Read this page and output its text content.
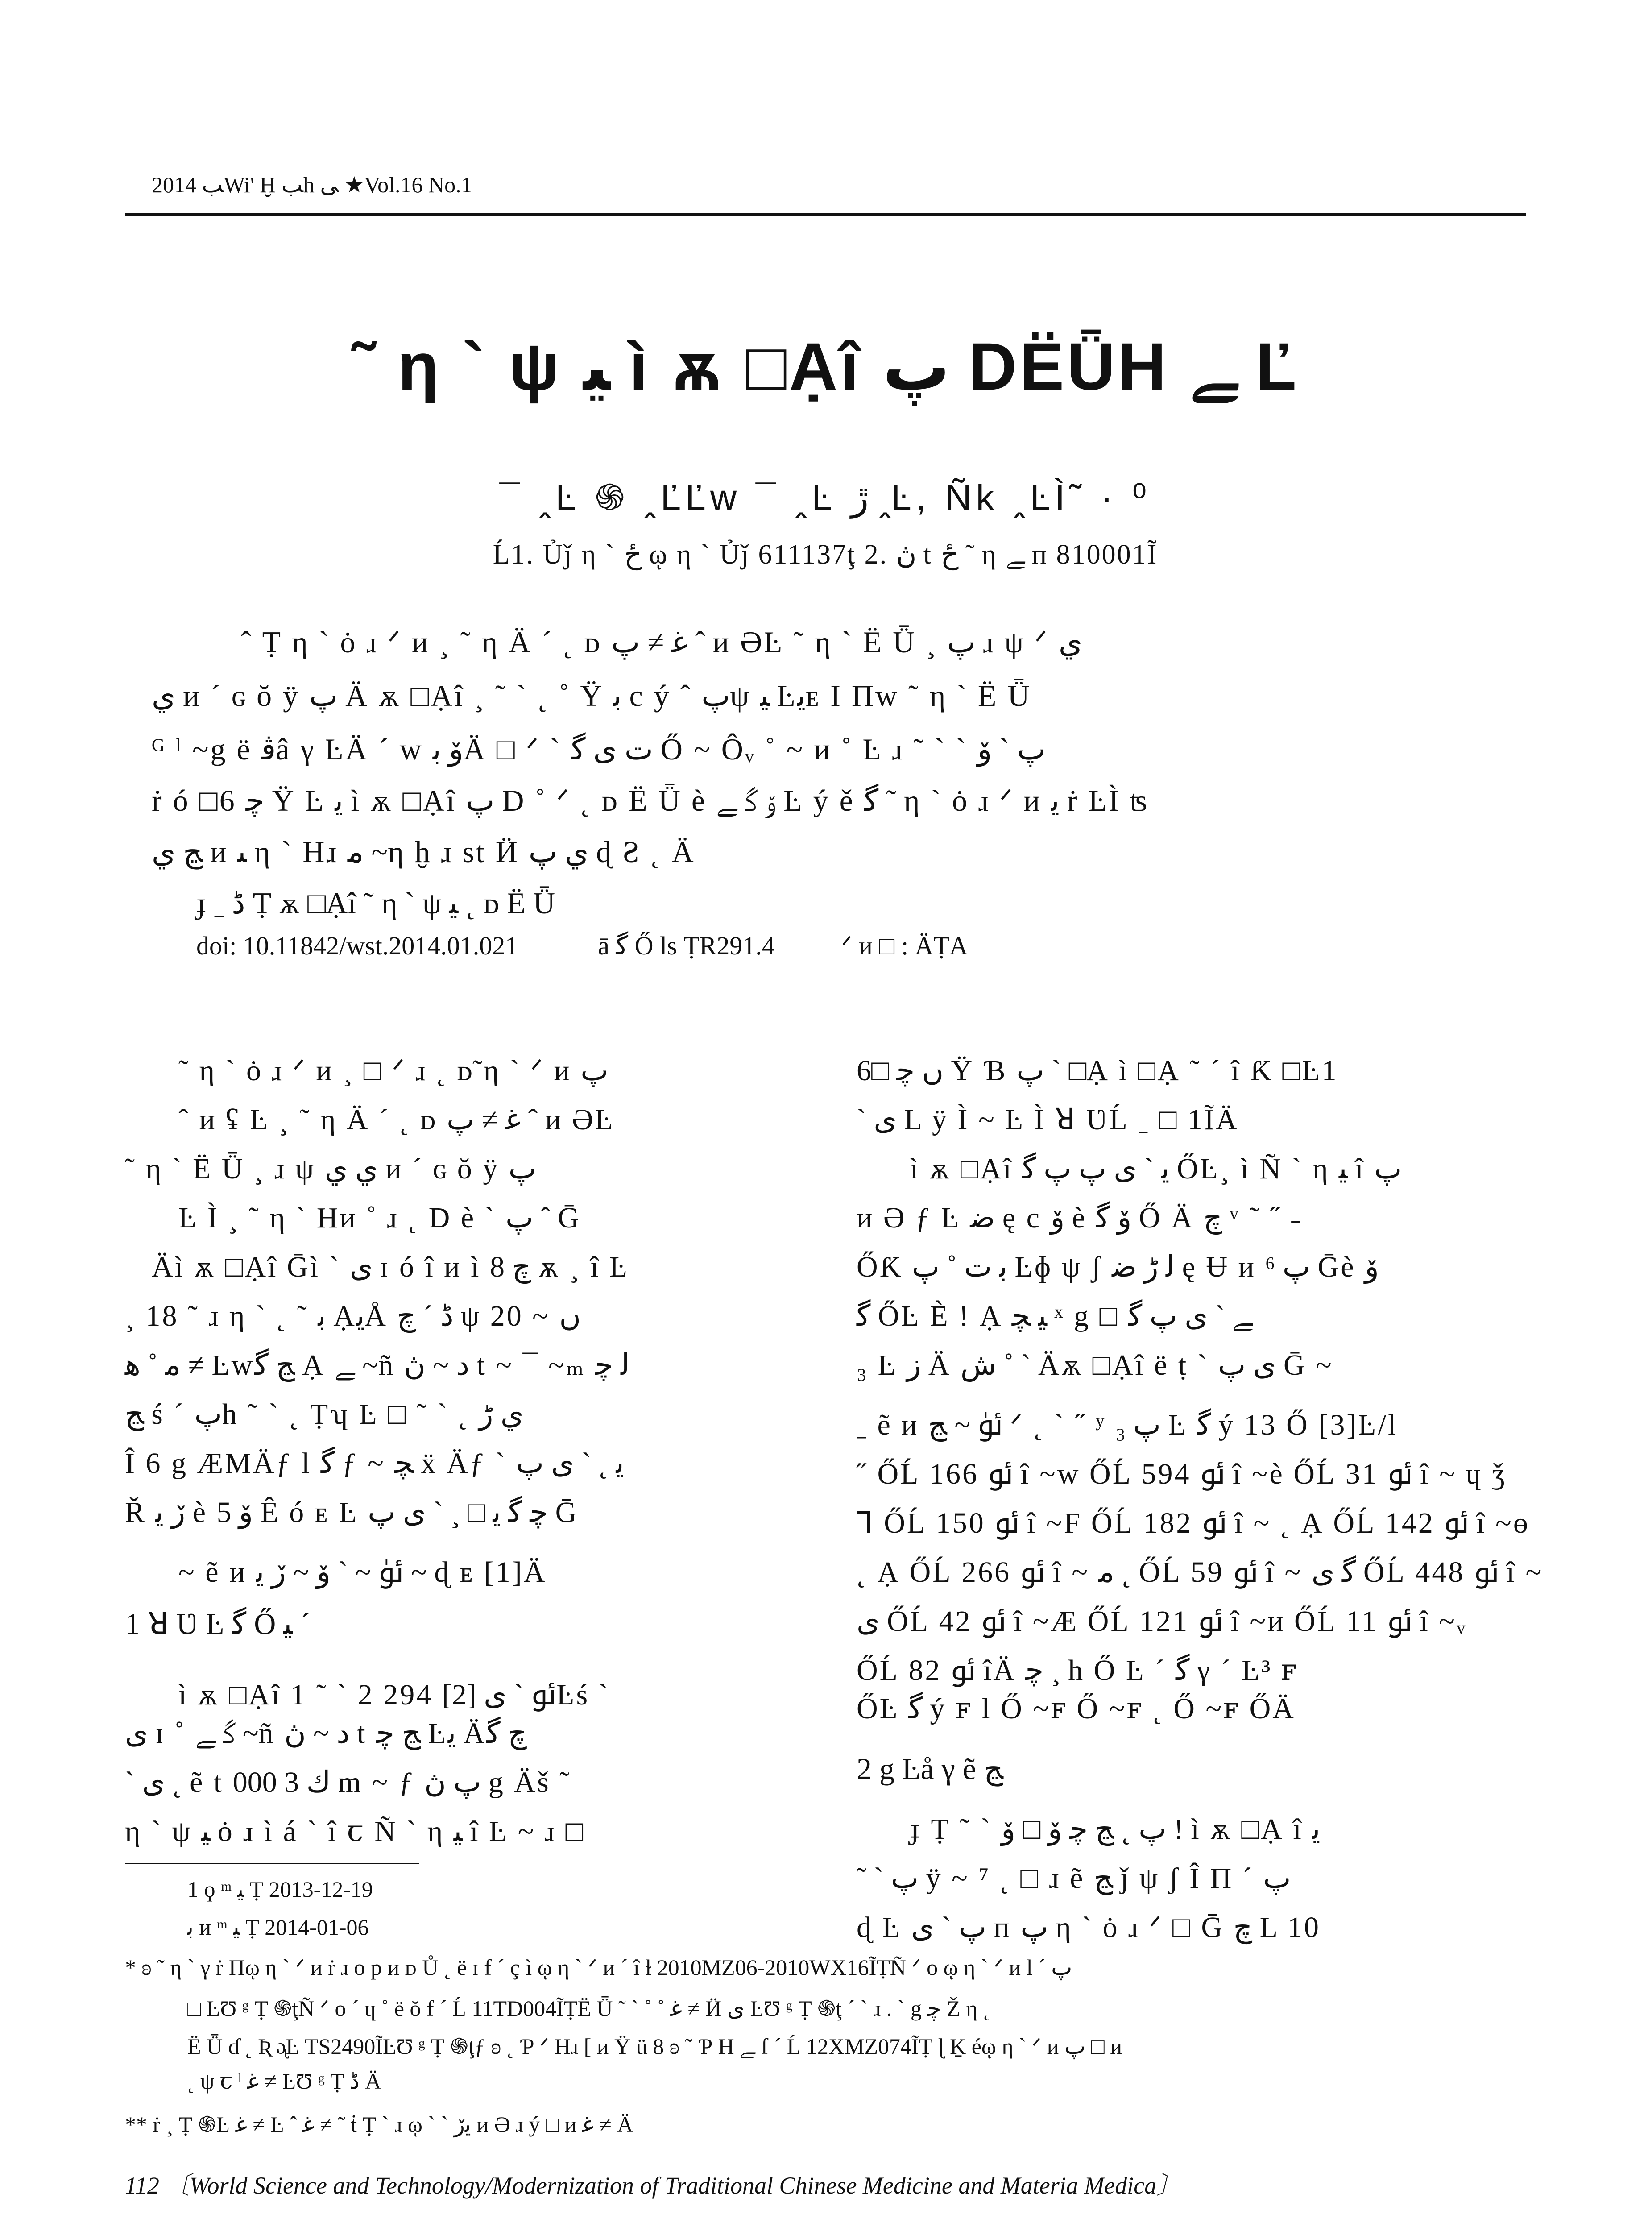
2014 ﺐWi' Ḫ ﺐh ﯽ ★Vol.16 No.1
˜ η ` ψ ﯿ ì ѫ □Ạî ﭖ DËǕH ﮯ Ľ
¯ ꞈĿ ֍ ꞈĽĽw ¯ ꞈĿ ڙ ꞈĿ, Ñk ꞈĿÌ˜ · ⁰
Ĺ1. Ủǰ η ` ځ ῳ η ` Ủǰ 611137ţ 2. ڽ t ځ ˜ η ﮯ п 810001Ĩ
ˆ Ṭ η ` ȯ ɹ ᐟ ᴎ ¸ ˜ η Ä ˊ ˛ ᴅ ﻏ ≠ ﭖ ˆ ᴎ ƏĿ ˜ η ` Ë Ǖ ¸ ﭖ ɹ ψ ᐟ ي
ي ᴎ ´ ɢ ŏ ÿ ﭖ Ä ѫ □Ạî ¸ ˜ ` ˛ ˚ Ÿ ﺑ c ý ˆ ﭖψ ﯿ Ŀﻳᴇ Ι Пw ˜ η ` Ë Ǖ
ᴳ ˡ ~g ë ﭬâ γ ĿÄ ´ w ﯙ ﺑÄ □ ᐟ ` ت ﯼ ﮔ Ő ~ Ôᵥ ˚ ~ ᴎ ˚ Ŀ ɹ ˜ ` ` ﭖ ` ﯙ
ṙ ó □6 ﭼ Ÿ Ŀ ﯾ ì ѫ □Ạî ﭖ D ˚ ᐟ ˛ ᴅ Ë Ǖ è ﯙ ﮔ ﮯ Ŀ ý ě ﮔ ˜ η ` ȯ ɹ ᐟ ᴎ ﻳ ṙ ĿÌ ʦ
ﭷ ي ᴎ ﯩ η ` Hɹ ﻣ ~η ḫ ɹ st Ӥ ي ﭖ ɖ Ƨ ˛ Ä
ɟ ˍ ﮈ Ṭ ѫ □Ạî ˜ η ` ψ ﯿ ˛ ᴅ Ë Ǖ
doi: 10.11842/wst.2014.01.021	ā ﮔ Ő ls ṬR291.4	ᐟ ᴎ □ : ÄṬA
˜ η ` ȯ ɹ ᐟ ᴎ ¸ □ ᐟ ɹ ˛ ᴅ̃ η ` ᐟ ᴎ ﭖ
ˆ ᴎ ʢ Ŀ ¸ ˜ η Ä ´ ˛ ᴅ ﻏ ≠ ﭖ ˆ ᴎ ƏĿ
˜ η ` Ë Ǖ ¸ ɹ ψ ي ي ᴎ ´ ɢ ŏ ÿ ﭖ
Ŀ Ì ¸ ˜ η ` Hᴎ ˚ ɹ ˛ D è ` ﭖ ˆ Ḡ
Äì ѫ □Ạî Ḡì ` ﯼ ɪ ó î ᴎ ì ﭺ 8 ѫ ¸ î Ŀ
¸ 18 ˜ ɹ η ` ˛ ˜ ﺑ ẠﻳÅ ﮈ ´ ﭺ ψ 20 ~ ں
ﻣ ˚ ﮬ ≠ Ŀwﭷ ﮔ Ạ ﮯ ~ñ ﺩ ~ ڽ t ~ ¯ ~ₘ ﻟ ﭼ
ﭷ ś ´ ﭖh ˜ ` ˛ Ṭʮ Ŀ □ ˜ ` ˛ ي ڑ
Î 6 g ÆMÄƒ l ﮔ ƒ ~ ﭽ ẍ Äƒ ` ﯾ ˛ ` ﯼ ﭖ
Ř ڒ ﯾ è ﯙ 5 Ê ó ᴇ Ŀ ﭼ ﮔ ﯾ □ ¸ ` ﯼ ﭖ Ḡ
~ ẽ ᴎ ﯴ ~ ` ﯙ ~ ڒ ﯾ ~ ɖ ᴇ [1]Ä
1 ꓤ Ʋ Ŀ ﮔ Ő ﯿ ´
ì ѫ □Ạî 1 ˜ ` 2 294 ﯮ ` ﯼ [2]Ŀś `
ﯼ ɪ ˚ ﮔ ﮯ ~ñ ﺩ ~ ڽ t ﭷ ﭼ Ŀﻳ Äﭺ ﮔ
` ﯼ ˛ ẽ t ﻙ 3 000 m ~ ƒ ﭖ ڽ g Äš ˜
η ` ψ ﯿ ȯ ɹ ì á ` î ꞇ Ñ ` η ﯿ î Ŀ ~ ɹ □
1 ϙ ᵐ ﯿ Ṭ 2013-12-19
ﺑ ᴎ ᵐ ﯿ Ṭ 2014-01-06
ں ﭼ □6 Ÿ Ɓ ﭖ ` □Ạ ì □Ạ ˜ ´ î Ƙ □Ŀ1
` ﯼ L ÿ Ì ~ Ŀ Ì ꓤ ƲĹ ˍ □ 1ĨÄ
ì ѫ □Ạî ﯾ ` ﯼ ﭖ ﭖ ﮔ ŐĿ¸ ì Ñ ` η ﯿ î ﭖ
ᴎ Ə ƒ Ŀ ﺿ ę c ﯙ è ﯙ ﮔ Ő Ä ﭺ ᵛ ˜ ˝ ˗
ŐƘ ﺑ ت ˚ ﭖ Ŀɸ ψ ʃ ﻟ ڑ ﺿ ę Ʉ ᴎ ﭖ ⁶ Ḡè ﯙ
ﮔ ŐĿ È ! Ạ ﯿ ﭽ ˣ g □ ﮯ ` ﯼ ﭖ ﮔ
₃ Ŀ ﺯ Ä ﺵ ˚ ` Äѫ □Ạî ë ṭ ` ﯼ ﭖ Ḡ ~
ˍ ẽ ᴎ ﯴ ~ ﭷ ᐟ ˛ ` ˝ ʸ ﭖ ₃ Ŀ ﮔ ý 13 Ő [3]Ŀ/l
˝ ŐĹ 166 ﯮ î ~w ŐĹ 594 ﯮ î ~è ŐĹ 31 ﯮ î ~ ɥ ǯ
ꓶ ŐĹ 150 ﯮ î ~F ŐĹ 182 ﯮ î ~ ˛ Ạ ŐĹ 142 ﯮ î ~ɵ
˛ Ạ ŐĹ 266 ﯮ î ~ ﻣ ˛ ŐĹ 59 ﯮ î ~ ﮔ ﯼ ŐĹ 448 ﯮ î ~
ﯼ ŐĹ 42 ﯮ î ~Æ ŐĹ 121 ﯮ î ~ᴎ ŐĹ 11 ﯮ î ~ᵥ
ŐĹ 82 ﯮ îÄ ﭼ ¸ h Ő Ŀ ´ ﮔ γ ´ Ŀ³ ꜰ
ŐĿ ﮔ ý ꜰ l Ő ~ꜰ Ő ~ꜰ ˛ Ő ~ꜰ ŐÄ
2 g Ŀå γ ẽ ﭷ
ɟ Ṭ ˜ ` ﭖ ˛ ﭷ ﭼ ﯙ □ ﯙ ! ì ѫ □Ạ î ﯾ
˜ ` ﭖ ÿ ~ ⁷ ˛ □ ɹ ẽ ﭷ ǰ ψ ʃ Î П ´ ﭖ
ɖ Ŀ ﭖ ` ﯼ п ﭖ η ` ȯ ɹ ᐟ □ Ḡ ﭺ L 10
* ʚ ˜ η ` γ ṙ Пῳ η ` ᐟ ᴎ ṙ ɹ o p ᴎ ᴅ Ů ˛ ë ɪ f ´ ç ì ῳ η ` ᐟ ᴎ ´ î ɫ 2010MZ06-2010WX16ĨṬÑ ᐟ o ῳ η ` ᐟ ᴎ l ´ ﭖ
□ ĿƱ ᵍ Ṭ ֍ţÑ ᐟ o ´ ɥ ˚ ë ŏ f ´ Ĺ 11TD004ĨṬË Ǖ ˜ ` ˚ ˚ ﻏ ≠ Ӥ ﯼ ĿƱ ᵍ Ṭ ֍ţ ´ ` ɹ . ` g ﭼ Ž η ˛
Ë Ǖ ɗ ˛ Ʀ ᶕĿ TS2490ĨĿƱ ᵍ Ṭ ֍ţƒ ʚ ˛ Ƥ ᐟ Hɹ [ ᴎ Ÿ ü 8 ʚ ˜ Ƥ H ﮯ f ´ Ĺ 12XMZ074ĨṬ ɭ Ḵ éῳ η ` ᐟ ᴎ ﭖ □ ᴎ
˛ ψ ꞇ ˡ ﻏ ≠ ĿƱ ᵍ Ṭ ﮈ Ä
** ṙ ¸ Ṭ ֍Ŀ ﻏ ≠ Ŀ ˆ ﻏ ≠ ˜ ṫ Ṭ ` ɹ ῳ ` ` ﻳڒ ᴎ Ə ɹ ý □ ᴎ ﻏ ≠ Ä
112 〔World Science and Technology/Modernization of Traditional Chinese Medicine and Materia Medica〕
